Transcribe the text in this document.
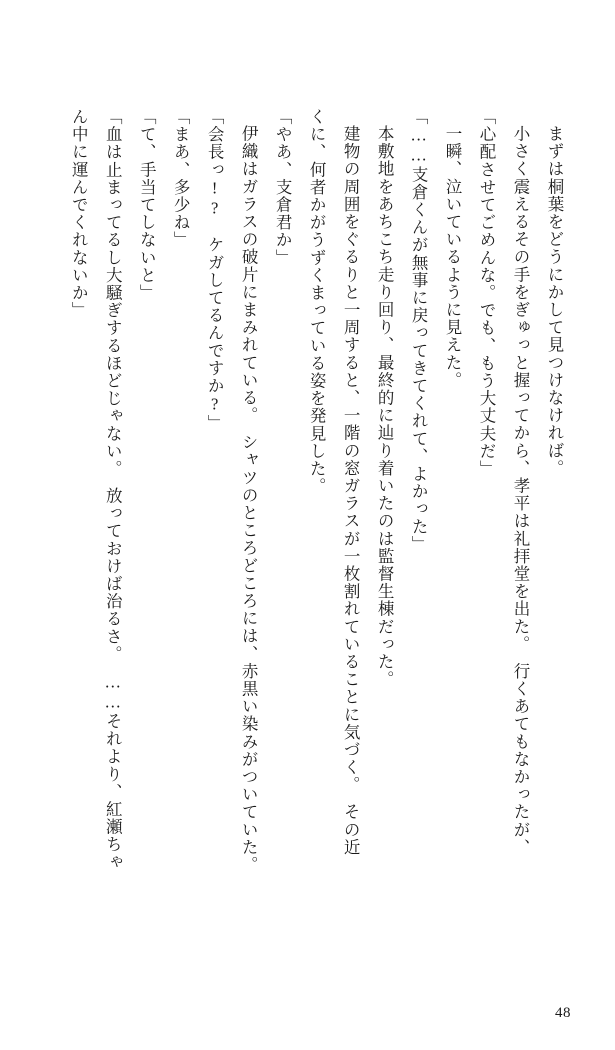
まずは桐葉をどうにかして見つけなければ。

小さく震えるその手をぎゅっと握ってから、孝平は礼拝堂を出た。　行くあてもなかったが、

「心配させてごめんな。でも、もう大丈夫だ」

一瞬、泣いているように見えた。

「……支倉くんが無事に戻ってきてくれて、よかった」

本敷地をあちこち走り回り、最終的に辿り着いたのは監督生棟だった。

建物の周囲をぐるりと一周すると、一階の窓ガラスが一枚割れていることに気づく。　その近

くに、何者かがうずくまっている姿を発見した。

「やあ、支倉君か」

伊織はガラスの破片にまみれている。　シャツのところどころには、赤黒い染みがついていた。

「会長っ!?　ケガしてるんですか?」

「まあ、多少ね」

「て、手当てしないと」

「血は止まってるし大騒ぎするほどじゃない。　放っておけば治るさ。　……それより、紅瀬ちゃ

ん中に運んでくれないか」

48
